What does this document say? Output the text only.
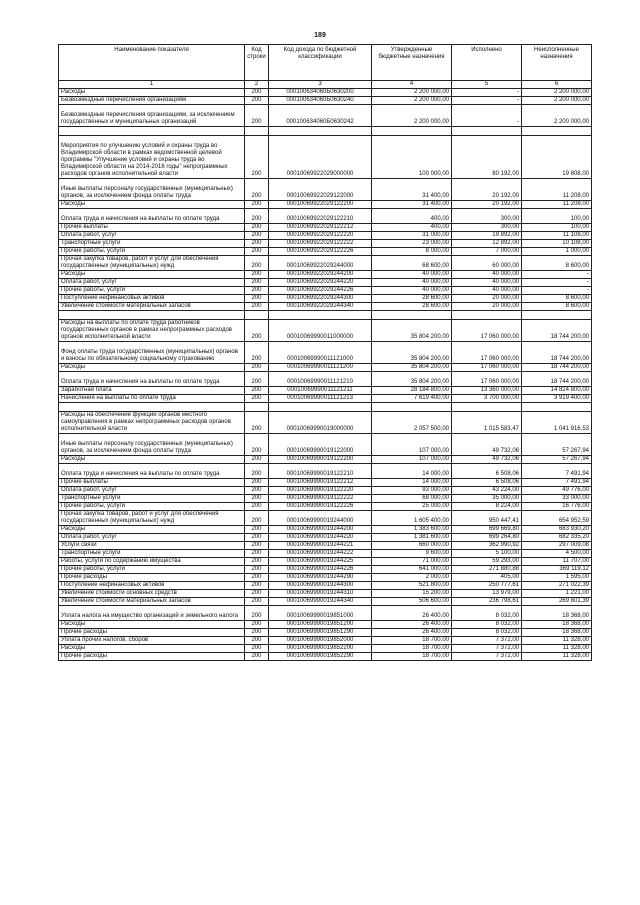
189
Наименование показателя	Код строки	Код дохода по бюджетной классификации	Утвержденные бюджетные назначения	Исполнено	Неисполненные назначения
1	2	3	4	5	6
Расходы	200	000100634060Б0630200	2 200 000,00	-	2 200 000,00
Безвозмездные перечисления организациям	200	000100634060Б0630240	2 200 000,00	-	2 200 000,00
Безвозмездные перечисления организациям, за исключением государственных и муниципальных организаций	200	000100634060Б0630242	2 200 000,00	-	2 200 000,00

Мероприятия по улучшению условий и охраны труда во Владимирской области в рамках ведомственной целевой программы "Улучшение условий и охраны труда во Владимирской области на 2014-2016 годы" непрограммных расходов органов исполнительной власти	200	00010069922029000000	100 000,00	80 192,00	19 808,00
Иные выплаты персоналу государственных (муниципальных) органов, за исключением фонда оплаты труда	200	00010069922029122000	31 400,00	20 192,00	11 208,00
Расходы	200	00010069922029122200	31 400,00	20 192,00	11 208,00
Оплата труда и начисления на выплаты по оплате труда	200	00010069922029122210	400,00	300,00	100,00
Прочие выплаты	200	00010069922029122212	400,00	300,00	100,00
Оплата работ, услуг	200	00010069922029122220	31 000,00	19 892,00	11 108,00
Транспортные услуги	200	00010069922029122222	23 000,00	12 892,00	10 108,00
Прочие работы, услуги	200	00010069922029122226	8 000,00	7 000,00	1 000,00
Прочая закупка товаров, работ и услуг для обеспечения государственных (муниципальных) нужд	200	00010069922029244000	68 600,00	60 000,00	8 600,00
Расходы	200	00010069922029244200	40 000,00	40 000,00	-
Оплата работ, услуг	200	00010069922029244220	40 000,00	40 000,00	-
Прочие работы, услуги	200	00010069922029244226	40 000,00	40 000,00	-
Поступление нефинансовых активов	200	00010069922029244300	28 600,00	20 000,00	8 600,00
Увеличение стоимости материальных запасов	200	00010069922029244340	28 600,00	20 000,00	8 600,00

Расходы на выплаты по оплате труда работников государственных органов в рамках непрограммных расходов органов исполнительной власти	200	00010069990011000000	35 804 200,00	17 060 000,00	18 744 200,00
Фонд оплаты труда государственных (муниципальных) органов и взносы по обязательному социальному страхованию	200	00010069990011121000	35 804 200,00	17 060 000,00	18 744 200,00
Расходы	200	00010069990011121200	35 804 200,00	17 060 000,00	18 744 200,00
Оплата труда и начисления на выплаты по оплате труда	200	00010069990011121210	35 804 200,00	17 060 000,00	18 744 200,00
Заработная плата	200	00010069990011121211	28 184 800,00	13 360 000,00	14 824 800,00
Начисления на выплаты по оплате труда	200	00010069990011121213	7 619 400,00	3 700 000,00	3 919 400,00

Расходы на обеспечение функций органов местного самоуправления в рамках непрограммных расходов органов исполнительной власти	200	00010069990019000000	2 057 500,00	1 015 583,47	1 041 916,53
Иные выплаты персоналу государственных (муниципальных) органов, за исключением фонда оплаты труда	200	00010069990019122000	107 000,00	49 732,06	57 267,94
Расходы	200	00010069990019122200	107 000,00	49 732,06	57 267,94
Оплата труда и начисления на выплаты по оплате труда	200	00010069990019122210	14 000,00	6 508,06	7 491,94
Прочие выплаты	200	00010069990019122212	14 000,00	6 508,06	7 491,94
Оплата работ, услуг	200	00010069990019122220	93 000,00	43 224,00	49 776,00
Транспортные услуги	200	00010069990019122222	68 000,00	35 000,00	33 000,00
Прочие работы, услуги	200	00010069990019122226	25 000,00	8 224,00	16 776,00
Прочая закупка товаров, работ и услуг для обеспечения государственных (муниципальных) нужд	200	00010069990019244000	1 605 400,00	950 447,41	654 952,59
Расходы	200	00010069990019244200	1 383 600,00	699 669,80	683 930,20
Оплата работ, услуг	200	00010069990019244220	1 381 600,00	699 264,80	682 335,20
Услуги связи	200	00010069990019244221	660 000,00	362 990,92	297 009,08
Транспортные услуги	200	00010069990019244222	9 600,00	5 100,00	4 500,00
Работы, услуги по содержанию имущества	200	00010069990019244225	71 000,00	59 293,00	11 707,00
Прочие работы, услуги	200	00010069990019244226	641 000,00	271 880,88	369 119,12
Прочие расходы	200	00010069990019244290	2 000,00	405,00	1 595,00
Поступление нефинансовых активов	200	00010069990019244300	521 800,00	250 777,61	271 022,39
Увеличение стоимости основных средств	200	00010069990019244310	15 200,00	13 979,00	1 221,00
Увеличение стоимости материальных запасов	200	00010069990019244340	506 600,00	236 798,61	269 801,39
Уплата налога на имущество организаций и земельного налога	200	00010069990019851000	26 400,00	8 032,00	18 368,00
Расходы	200	00010069990019851200	26 400,00	8 032,00	18 368,00
Прочие расходы	200	00010069990019851290	26 400,00	8 032,00	18 368,00
Уплата прочих налогов, сборов	200	00010069990019852000	18 700,00	7 372,00	11 328,00
Расходы	200	00010069990019852200	18 700,00	7 372,00	11 328,00
Прочие расходы	200	00010069990019852290	18 700,00	7 372,00	11 328,00
